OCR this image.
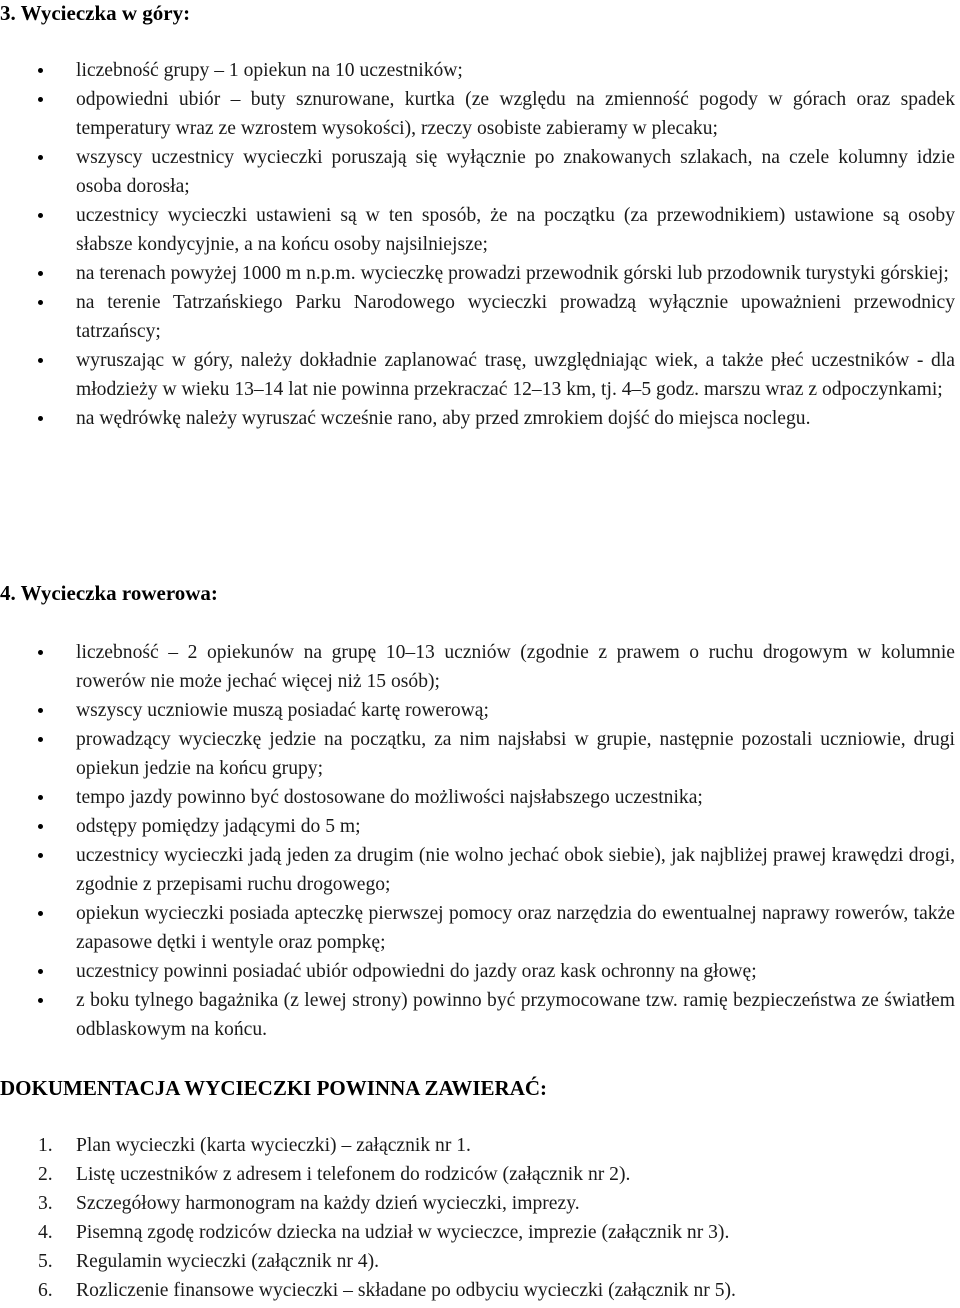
3. Wycieczka w góry:
liczebność grupy – 1 opiekun na 10 uczestników;
odpowiedni ubiór – buty sznurowane, kurtka (ze względu na zmienność pogody w górach oraz spadek temperatury wraz ze wzrostem wysokości), rzeczy osobiste zabieramy w plecaku;
wszyscy uczestnicy wycieczki poruszają się wyłącznie po znakowanych szlakach, na czele kolumny idzie osoba dorosła;
uczestnicy wycieczki ustawieni są w ten sposób, że na początku (za przewodnikiem) ustawione są osoby słabsze kondycyjnie, a na końcu osoby najsilniejsze;
na terenach powyżej 1000 m n.p.m. wycieczkę prowadzi przewodnik górski lub przodownik turystyki górskiej;
na terenie Tatrzańskiego Parku Narodowego wycieczki prowadzą wyłącznie upoważnieni przewodnicy tatrzańscy;
wyruszając w góry, należy dokładnie zaplanować trasę, uwzględniając wiek, a także płeć uczestników - dla młodzieży w wieku 13–14 lat nie powinna przekraczać 12–13 km, tj. 4–5 godz. marszu wraz z odpoczynkami;
na wędrówkę należy wyruszać wcześnie rano, aby przed zmrokiem dojść do miejsca noclegu.
4. Wycieczka rowerowa:
liczebność – 2 opiekunów na grupę 10–13 uczniów (zgodnie z prawem o ruchu drogowym w kolumnie rowerów nie może jechać więcej niż 15 osób);
wszyscy uczniowie muszą posiadać kartę rowerową;
prowadzący wycieczkę jedzie na początku, za nim najsłabsi w grupie, następnie pozostali uczniowie, drugi opiekun jedzie na końcu grupy;
tempo jazdy powinno być dostosowane do możliwości najsłabszego uczestnika;
odstępy pomiędzy jadącymi do 5 m;
uczestnicy wycieczki jadą jeden za drugim (nie wolno jechać obok siebie), jak najbliżej prawej krawędzi drogi, zgodnie z przepisami ruchu drogowego;
opiekun wycieczki posiada apteczkę pierwszej pomocy oraz narzędzia do ewentualnej naprawy rowerów, także zapasowe dętki i wentyle oraz pompkę;
uczestnicy powinni posiadać ubiór odpowiedni do jazdy oraz kask ochronny na głowę;
z boku tylnego bagażnika (z lewej strony) powinno być przymocowane tzw. ramię bezpieczeństwa ze światłem odblaskowym na końcu.
DOKUMENTACJA WYCIECZKI POWINNA ZAWIERAĆ:
1. Plan wycieczki (karta wycieczki) – załącznik nr 1.
2. Listę uczestników z adresem i telefonem do rodziców (załącznik nr 2).
3. Szczegółowy harmonogram na każdy dzień wycieczki, imprezy.
4. Pisemną zgodę rodziców dziecka na udział w wycieczce, imprezie (załącznik nr 3).
5. Regulamin wycieczki (załącznik nr 4).
6. Rozliczenie finansowe wycieczki – składane po odbyciu wycieczki (załącznik nr 5).
